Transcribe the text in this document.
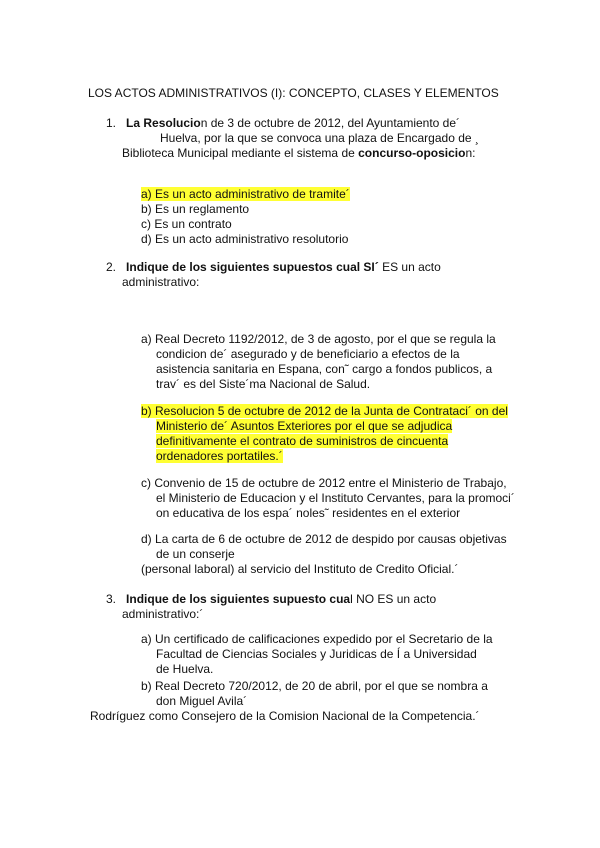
LOS ACTOS ADMINISTRATIVOS (I): CONCEPTO, CLASES Y ELEMENTOS
1. La Resolucion de 3 de octubre de 2012, del Ayuntamiento de´
Huelva, por la que se convoca una plaza de Encargado de ¸
Biblioteca Municipal mediante el sistema de concurso-oposicion:
a) Es un acto administrativo de tramite´
b) Es un reglamento
c) Es un contrato
d) Es un acto administrativo resolutorio
2. Indique de los siguientes supuestos cual SI´ ES un acto
administrativo:
a) Real Decreto 1192/2012, de 3 de agosto, por el que se regula la
condicion de´ asegurado y de beneficiario a efectos de la
asistencia sanitaria en Espana, con˜ cargo a fondos publicos, a
trav´ es del Siste´ma Nacional de Salud.
b) Resolucion 5 de octubre de 2012 de la Junta de Contrataci´ on del
Ministerio de´ Asuntos Exteriores por el que se adjudica
definitivamente el contrato de suministros de cincuenta
ordenadores portatiles.´
c) Convenio de 15 de octubre de 2012 entre el Ministerio de Trabajo,
el Ministerio de Educacion y el Instituto Cervantes, para la promoci´
on educativa de los espa´ noles˜ residentes en el exterior
d) La carta de 6 de octubre de 2012 de despido por causas objetivas
de un conserje
(personal laboral) al servicio del Instituto de Credito Oficial.´
3. Indique de los siguientes supuesto cual NO ES un acto
administrativo:´
a) Un certificado de calificaciones expedido por el Secretario de la
Facultad de Ciencias Sociales y Juridicas de Í a Universidad
de Huelva.
b) Real Decreto 720/2012, de 20 de abril, por el que se nombra a
don Miguel Avila´
Rodríguez como Consejero de la Comision Nacional de la Competencia.´
